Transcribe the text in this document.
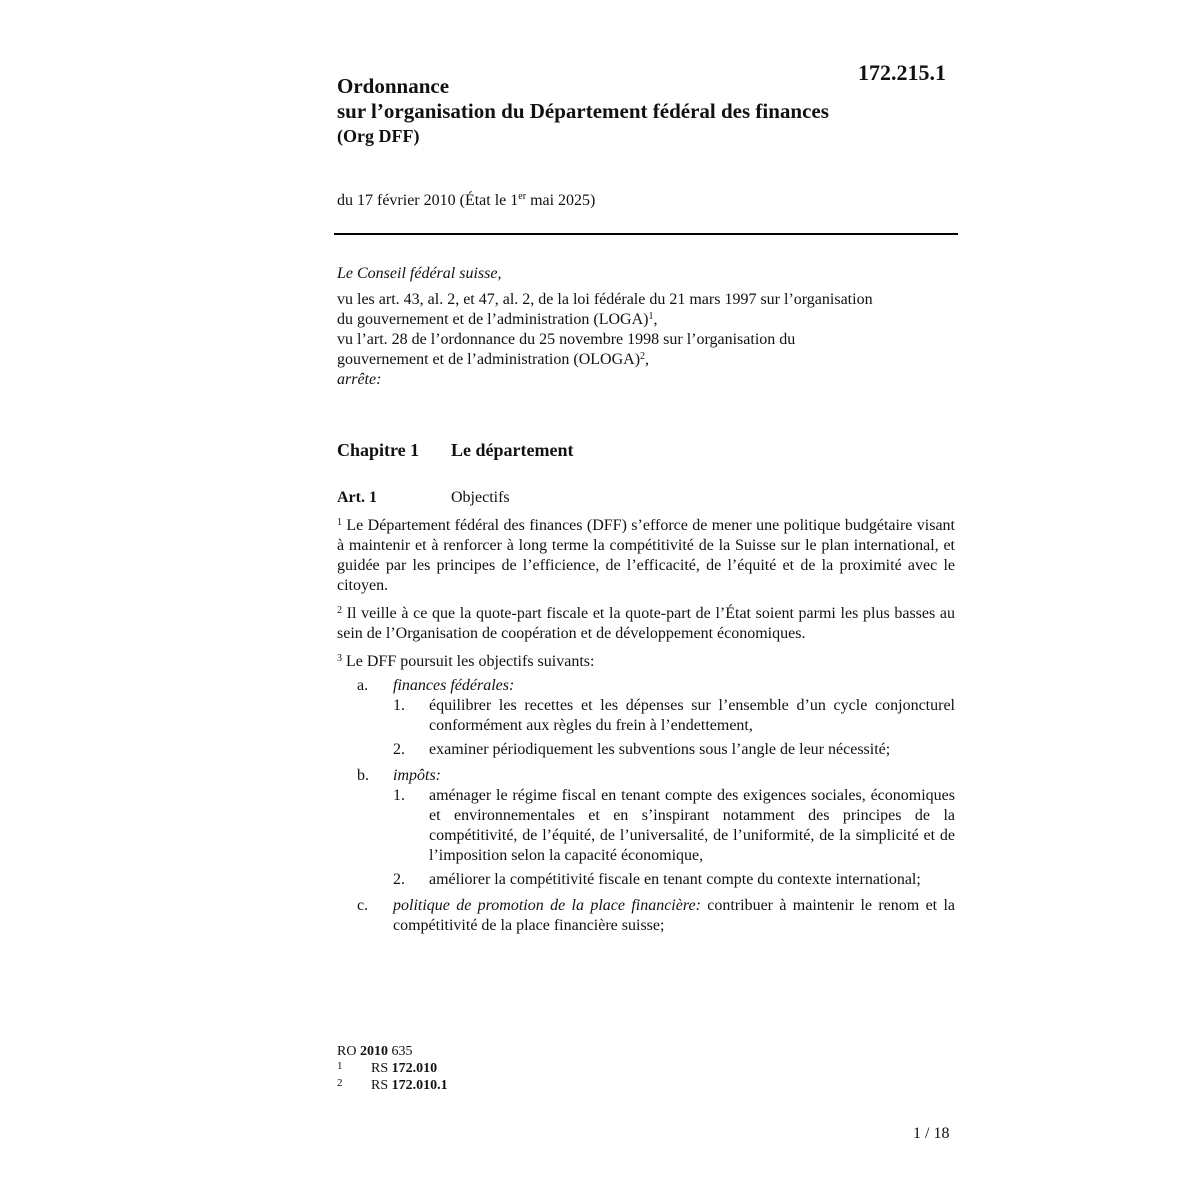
172.215.1
Ordonnance
sur l’organisation du Département fédéral des finances
(Org DFF)
du 17 février 2010 (État le 1er mai 2025)

Le Conseil fédéral suisse,

vu les art. 43, al. 2, et 47, al. 2, de la loi fédérale du 21 mars 1997 sur l’organisation
du gouvernement et de l’administration (LOGA)$^1$,

vu l’art. 28 de l’ordonnance du 25 novembre 1998 sur l’organisation du
gouvernement et de l’administration (OLOGA)$^2$,

arrête:

Chapitre 1 Le département
Art. 1	Objectifs

$^1$ Le Département fédéral des finances (DFF) s’efforce de mener une politique budgétaire visant à maintenir et à renforcer à long terme la compétitivité de la Suisse sur le plan international, et guidée par les principes de l’efficience, de l’efficacité, de l’équité et de la proximité avec le citoyen.

$^2$ Il veille à ce que la quote-part fiscale et la quote-part de l’État soient parmi les plus basses au sein de l’Organisation de coopération et de développement économiques.

$^3$ Le DFF poursuit les objectifs suivants:

a. finances fédérales:
1. équilibrer les recettes et les dépenses sur l’ensemble d’un cycle conjoncturel conformément aux règles du frein à l’endettement,
2. examiner périodiquement les subventions sous l’angle de leur nécessité;
b. impôts:
1. aménager le régime fiscal en tenant compte des exigences sociales, économiques et environnementales et en s’inspirant notamment des principes de la compétitivité, de l’équité, de l’universalité, de l’uniformité, de la simplicité et de l’imposition selon la capacité économique,
2. améliorer la compétitivité fiscale en tenant compte du contexte international;
c. politique de promotion de la place financière: contribuer à maintenir le renom et la compétitivité de la place financière suisse;
RO 2010 635
1 RS 172.010
2 RS 172.010.1
1 / 18
